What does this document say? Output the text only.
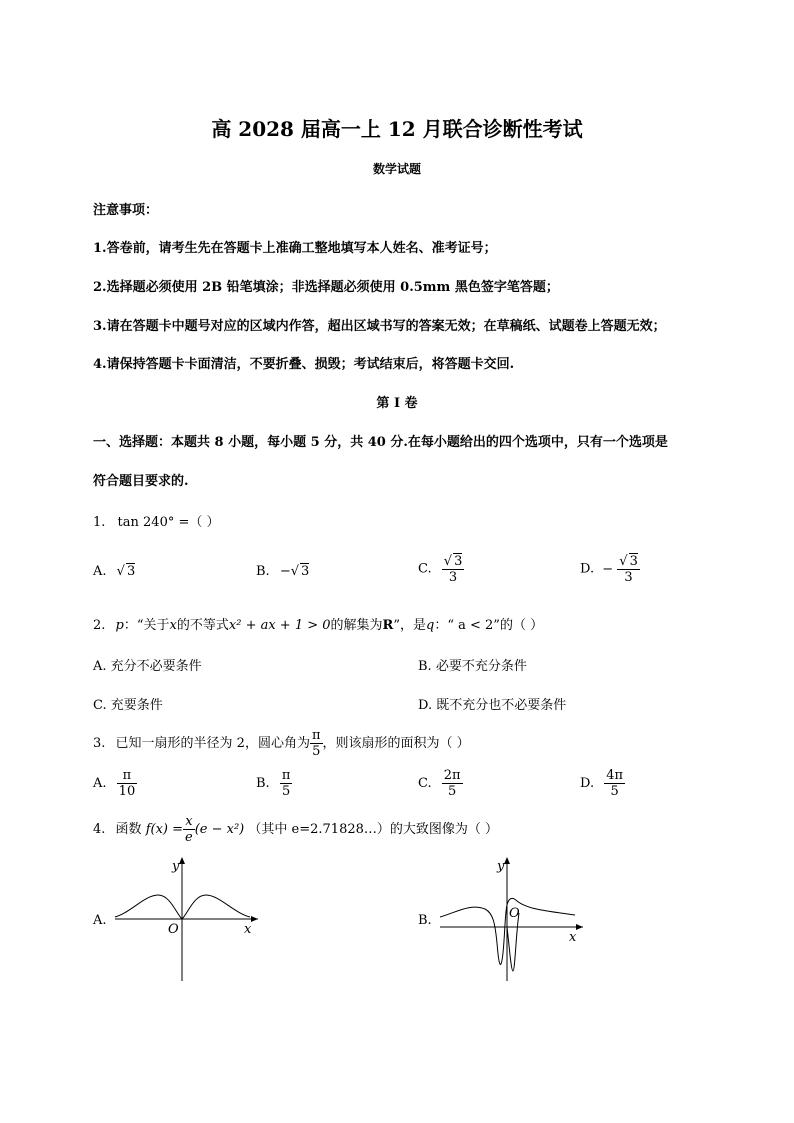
高 2028 届高一上 12 月联合诊断性考试
数学试题
注意事项：
1.答卷前，请考生先在答题卡上准确工整地填写本人姓名、准考证号；
2.选择题必须使用 2B 铅笔填涂；非选择题必须使用 0.5mm 黑色签字笔答题；
3.请在答题卡中题号对应的区域内作答，超出区域书写的答案无效；在草稿纸、试题卷上答题无效；
4.请保持答题卡卡面清洁，不要折叠、损毁；考试结束后，将答题卡交回.
第 I 卷
一、选择题：本题共 8 小题，每小题 5 分，共 40 分.在每小题给出的四个选项中，只有一个选项是
符合题目要求的.
1. tan 240° =（ ）
A. √ 3	B. −√ 3	C. $\frac{√ 3}{3}$	D. − $\frac{√ 3}{3}$
2. p：“关于x的不等式x² + ax + 1 > 0的解集为R”，是q：“ a < 2”的（ ）
A. 充分不必要条件	B. 必要不充分条件
C. 充要条件	D. 既不充分也不必要条件
3. 已知一扇形的半径为 2，圆心角为 $\frac{\pi}{5}$ ，则该扇形的面积为（ ）
A. $\frac{\pi}{10}$	B. $\frac{\pi}{5}$	C. $\frac{2\pi}{5}$	D. $\frac{4\pi}{5}$
4. 函数 $f(x) = \frac{x}{e} (e - x^2)$ （其中 e=2.71828…）的大致图像为（ ）
A.
y
x
O
B.
y
x
O
